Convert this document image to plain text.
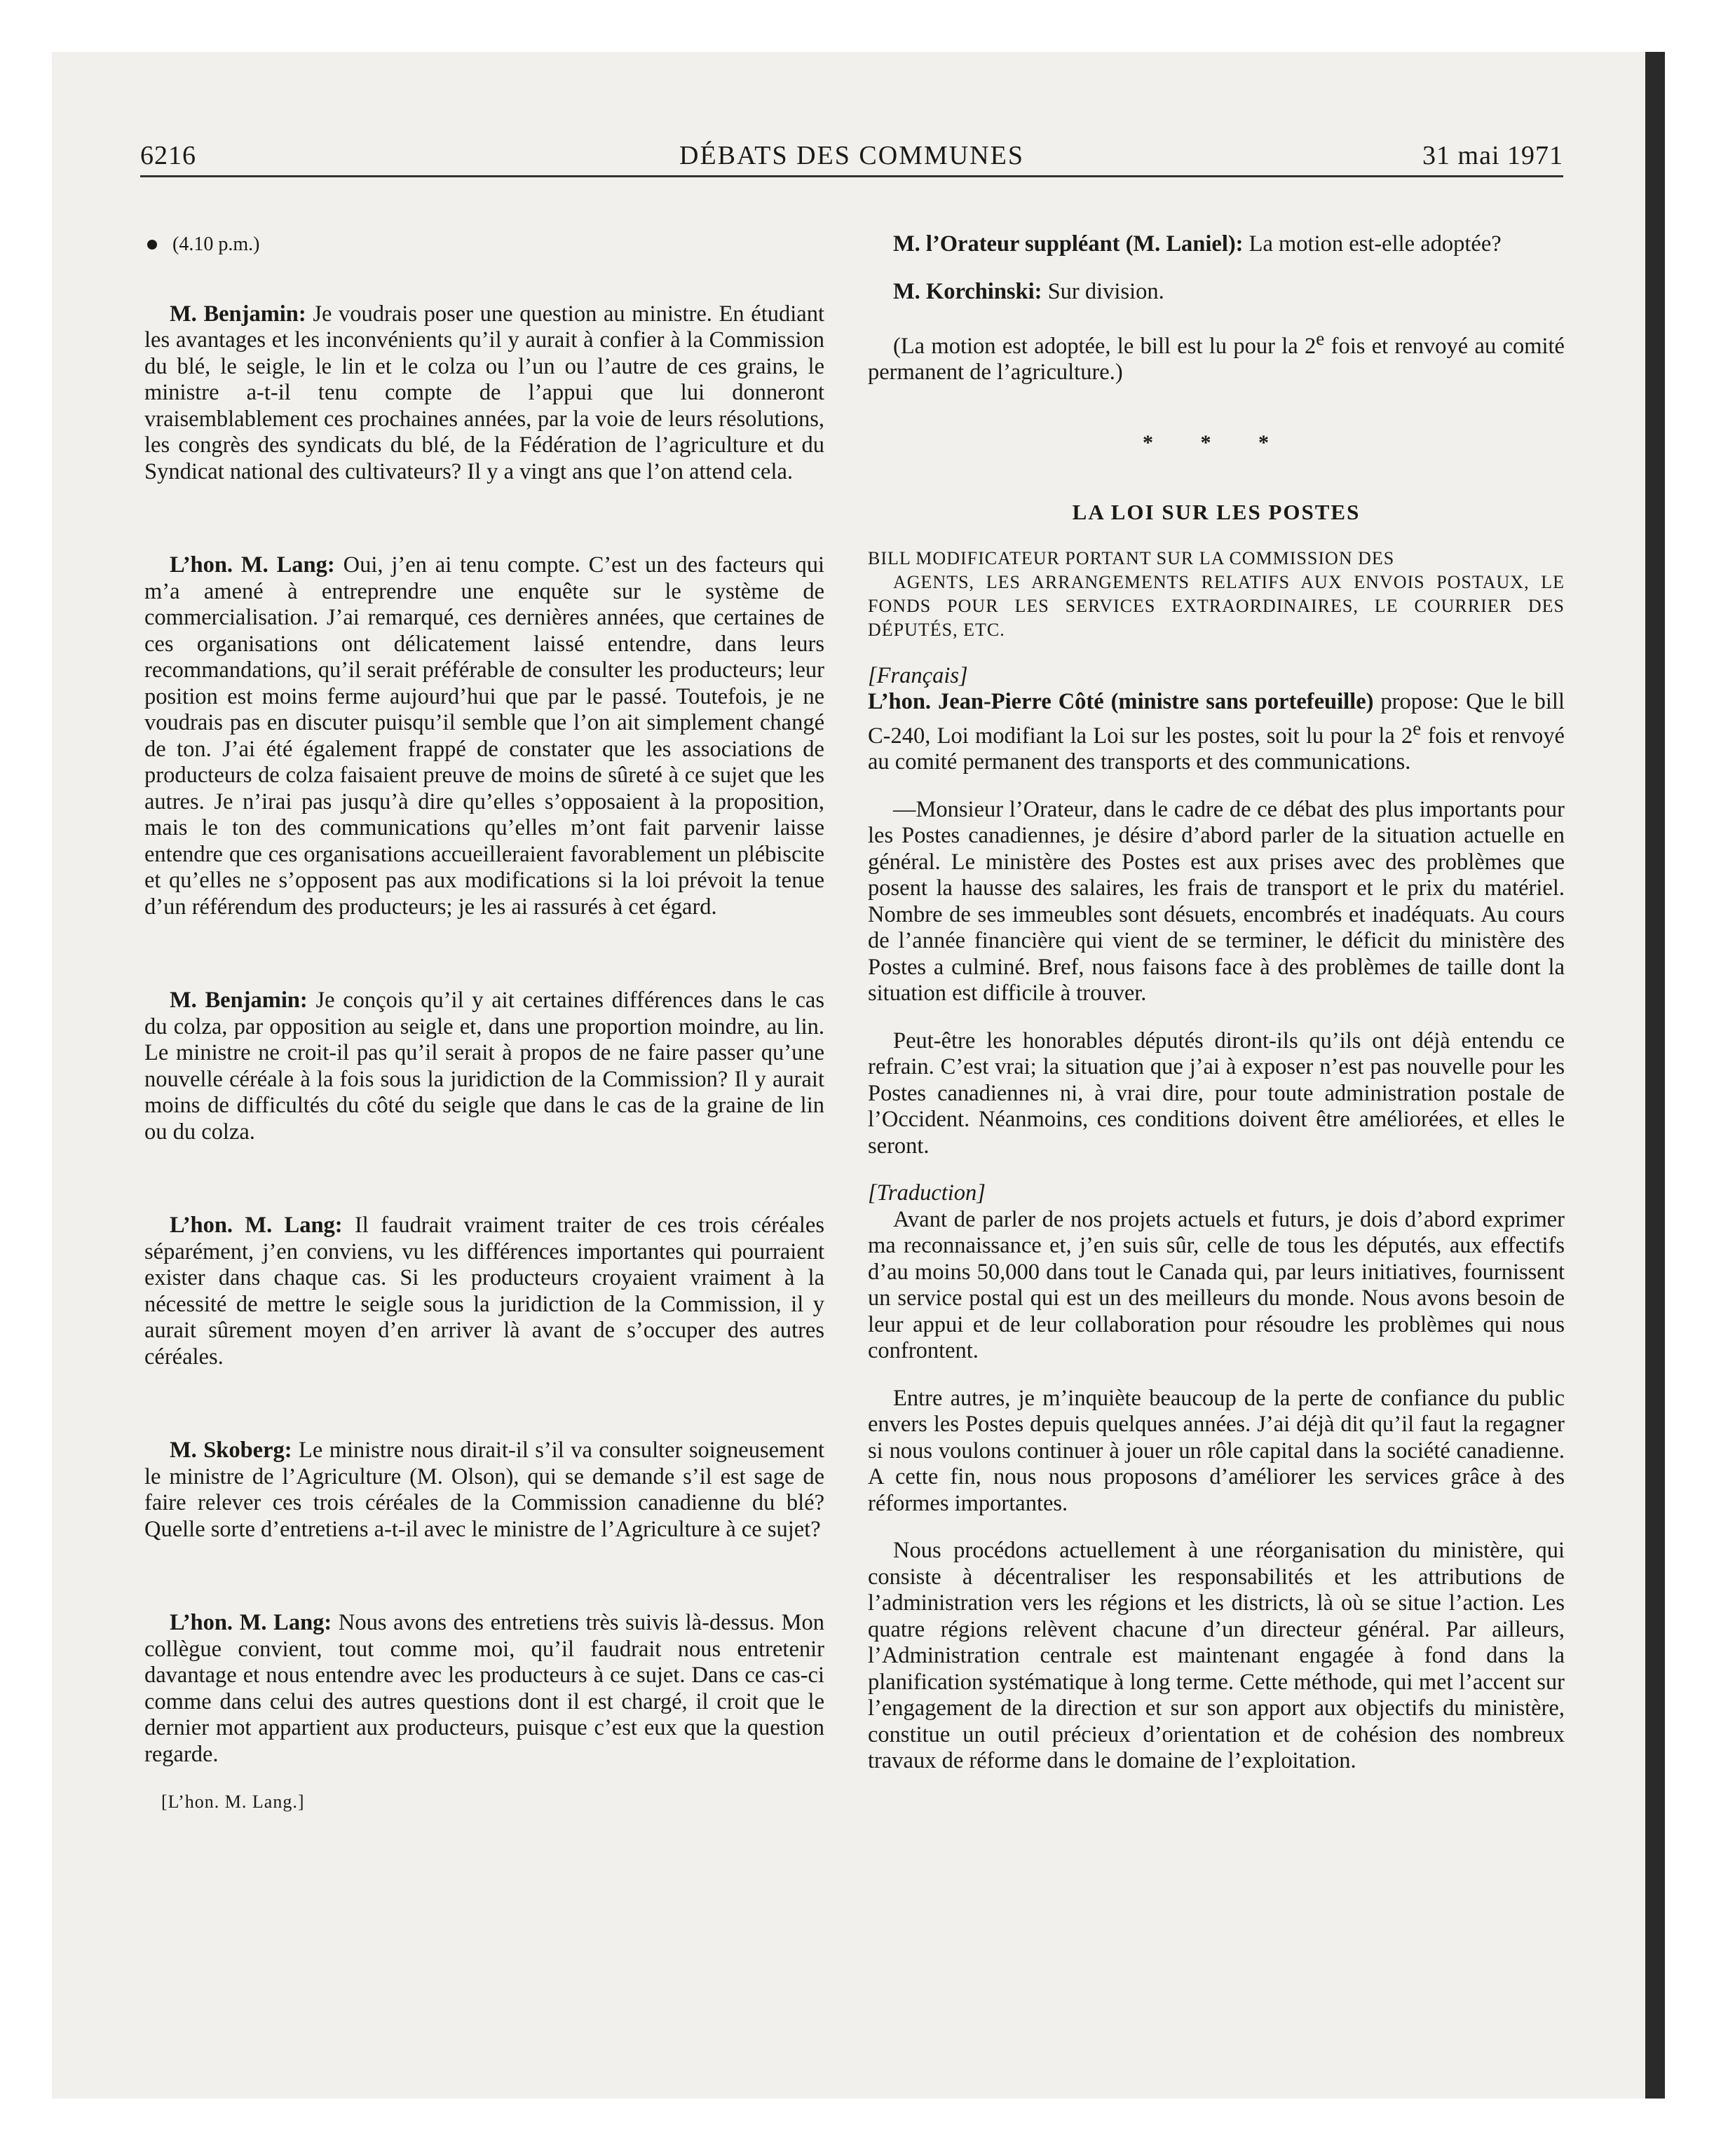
6216	DÉBATS DES COMMUNES	31 mai 1971

(4.10 p.m.)

M. Benjamin: Je voudrais poser une question au ministre. En étudiant les avantages et les inconvénients qu’il y aurait à confier à la Commission du blé, le seigle, le lin et le colza ou l’un ou l’autre de ces grains, le ministre a-t-il tenu compte de l’appui que lui donneront vraisemblablement ces prochaines années, par la voie de leurs résolutions, les congrès des syndicats du blé, de la Fédération de l’agriculture et du Syndicat national des cultivateurs? Il y a vingt ans que l’on attend cela.

L’hon. M. Lang: Oui, j’en ai tenu compte. C’est un des facteurs qui m’a amené à entreprendre une enquête sur le système de commercialisation. J’ai remarqué, ces dernières années, que certaines de ces organisations ont délicatement laissé entendre, dans leurs recommandations, qu’il serait préférable de consulter les producteurs; leur position est moins ferme aujourd’hui que par le passé. Toutefois, je ne voudrais pas en discuter puisqu’il semble que l’on ait simplement changé de ton. J’ai été également frappé de constater que les associations de producteurs de colza faisaient preuve de moins de sûreté à ce sujet que les autres. Je n’irai pas jusqu’à dire qu’elles s’opposaient à la proposition, mais le ton des communications qu’elles m’ont fait parvenir laisse entendre que ces organisations accueilleraient favorablement un plébiscite et qu’elles ne s’opposent pas aux modifications si la loi prévoit la tenue d’un référendum des producteurs; je les ai rassurés à cet égard.

M. Benjamin: Je conçois qu’il y ait certaines différences dans le cas du colza, par opposition au seigle et, dans une proportion moindre, au lin. Le ministre ne croit-il pas qu’il serait à propos de ne faire passer qu’une nouvelle céréale à la fois sous la juridiction de la Commission? Il y aurait moins de difficultés du côté du seigle que dans le cas de la graine de lin ou du colza.

L’hon. M. Lang: Il faudrait vraiment traiter de ces trois céréales séparément, j’en conviens, vu les différences importantes qui pourraient exister dans chaque cas. Si les producteurs croyaient vraiment à la nécessité de mettre le seigle sous la juridiction de la Commission, il y aurait sûrement moyen d’en arriver là avant de s’occuper des autres céréales.

M. Skoberg: Le ministre nous dirait-il s’il va consulter soigneusement le ministre de l’Agriculture (M. Olson), qui se demande s’il est sage de faire relever ces trois céréales de la Commission canadienne du blé? Quelle sorte d’entretiens a-t-il avec le ministre de l’Agriculture à ce sujet?

L’hon. M. Lang: Nous avons des entretiens très suivis là-dessus. Mon collègue convient, tout comme moi, qu’il faudrait nous entretenir davantage et nous entendre avec les producteurs à ce sujet. Dans ce cas-ci comme dans celui des autres questions dont il est chargé, il croit que le dernier mot appartient aux producteurs, puisque c’est eux que la question regarde.

[L’hon. M. Lang.]

M. l’Orateur suppléant (M. Laniel): La motion est-elle adoptée?

M. Korchinski: Sur division.

(La motion est adoptée, le bill est lu pour la 2e fois et renvoyé au comité permanent de l’agriculture.)

* * *

LA LOI SUR LES POSTES

BILL MODIFICATEUR PORTANT SUR LA COMMISSION DES
AGENTS, LES ARRANGEMENTS RELATIFS AUX ENVOIS POSTAUX, LE FONDS POUR LES SERVICES EXTRAORDINAIRES, LE COURRIER DES DÉPUTÉS, ETC.

[Français]

L’hon. Jean-Pierre Côté (ministre sans portefeuille) propose: Que le bill C-240, Loi modifiant la Loi sur les postes, soit lu pour la 2e fois et renvoyé au comité permanent des transports et des communications.

—Monsieur l’Orateur, dans le cadre de ce débat des plus importants pour les Postes canadiennes, je désire d’abord parler de la situation actuelle en général. Le ministère des Postes est aux prises avec des problèmes que posent la hausse des salaires, les frais de transport et le prix du matériel. Nombre de ses immeubles sont désuets, encombrés et inadéquats. Au cours de l’année financière qui vient de se terminer, le déficit du ministère des Postes a culminé. Bref, nous faisons face à des problèmes de taille dont la situation est difficile à trouver.

Peut-être les honorables députés diront-ils qu’ils ont déjà entendu ce refrain. C’est vrai; la situation que j’ai à exposer n’est pas nouvelle pour les Postes canadiennes ni, à vrai dire, pour toute administration postale de l’Occident. Néanmoins, ces conditions doivent être améliorées, et elles le seront.

[Traduction]

Avant de parler de nos projets actuels et futurs, je dois d’abord exprimer ma reconnaissance et, j’en suis sûr, celle de tous les députés, aux effectifs d’au moins 50,000 dans tout le Canada qui, par leurs initiatives, fournissent un service postal qui est un des meilleurs du monde. Nous avons besoin de leur appui et de leur collaboration pour résoudre les problèmes qui nous confrontent.

Entre autres, je m’inquiète beaucoup de la perte de confiance du public envers les Postes depuis quelques années. J’ai déjà dit qu’il faut la regagner si nous voulons continuer à jouer un rôle capital dans la société canadienne. A cette fin, nous nous proposons d’améliorer les services grâce à des réformes importantes.

Nous procédons actuellement à une réorganisation du ministère, qui consiste à décentraliser les responsabilités et les attributions de l’administration vers les régions et les districts, là où se situe l’action. Les quatre régions relèvent chacune d’un directeur général. Par ailleurs, l’Administration centrale est maintenant engagée à fond dans la planification systématique à long terme. Cette méthode, qui met l’accent sur l’engagement de la direction et sur son apport aux objectifs du ministère, constitue un outil précieux d’orientation et de cohésion des nombreux travaux de réforme dans le domaine de l’exploitation.
